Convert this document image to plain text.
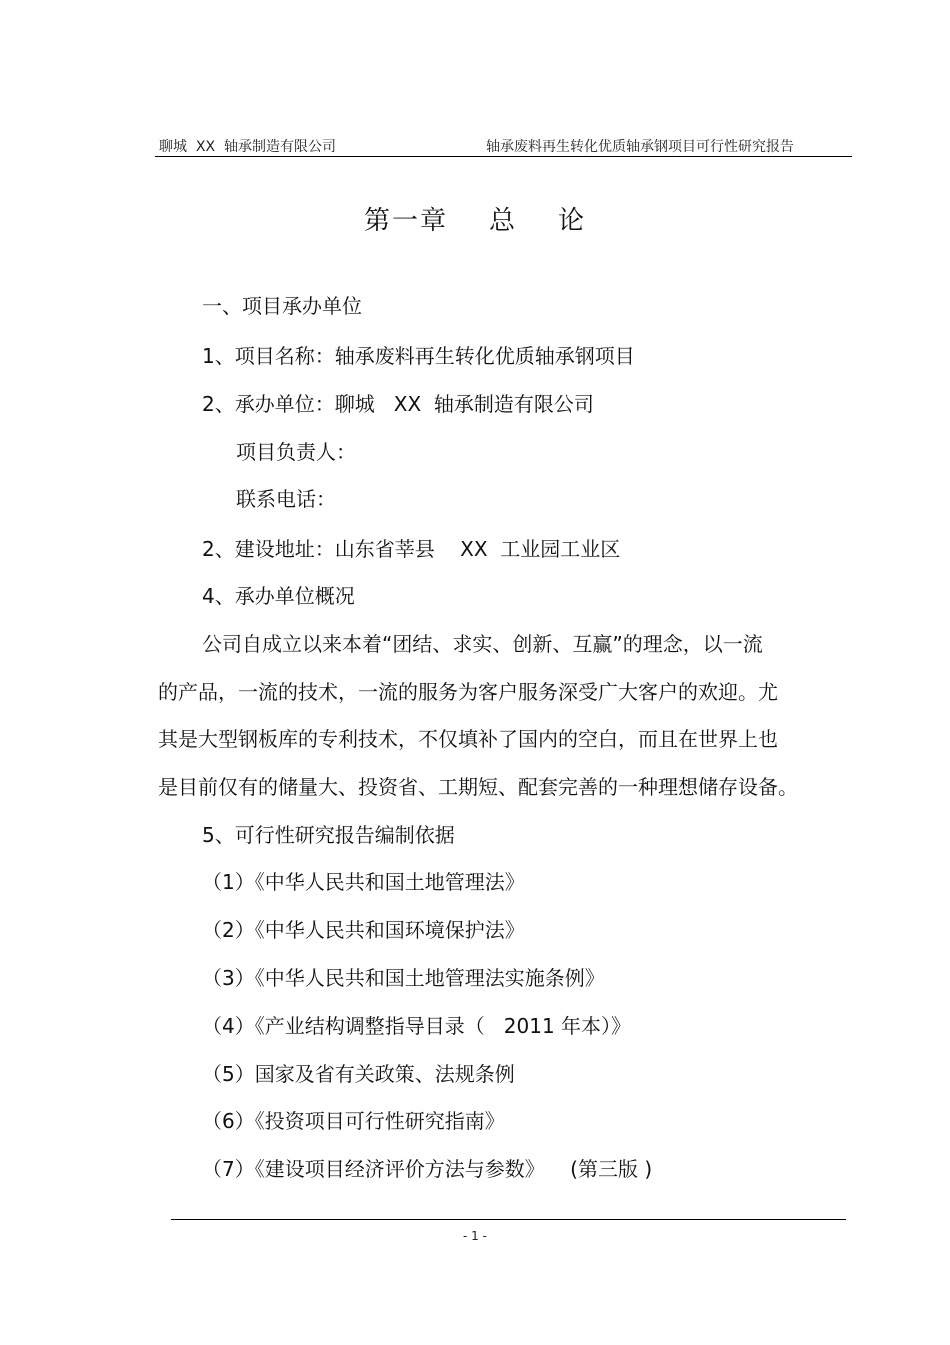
聊城  XX  轴承制造有限公司	轴承废料再生转化优质轴承钢项目可行性研究报告
第一章    总    论
一、项目承办单位
1、项目名称：轴承废料再生转化优质轴承钢项目
2、承办单位：聊城   XX  轴承制造有限公司
项目负责人：
联系电话：
2、建设地址：山东省莘县    XX  工业园工业区
4、承办单位概况
公司自成立以来本着“团结、求实、创新、互赢”的理念，以一流
的产品，一流的技术，一流的服务为客户服务深受广大客户的欢迎。尤
其是大型钢板库的专利技术，不仅填补了国内的空白，而且在世界上也
是目前仅有的储量大、投资省、工期短、配套完善的一种理想储存设备。
5、可行性研究报告编制依据
（1）《中华人民共和国土地管理法》
（2）《中华人民共和国环境保护法》
（3）《中华人民共和国土地管理法实施条例》
（4）《产业结构调整指导目录（   2011 年本）》
（5）国家及省有关政策、法规条例
（6）《投资项目可行性研究指南》
（7）《建设项目经济评价方法与参数》    (第三版 )
- 1 -
